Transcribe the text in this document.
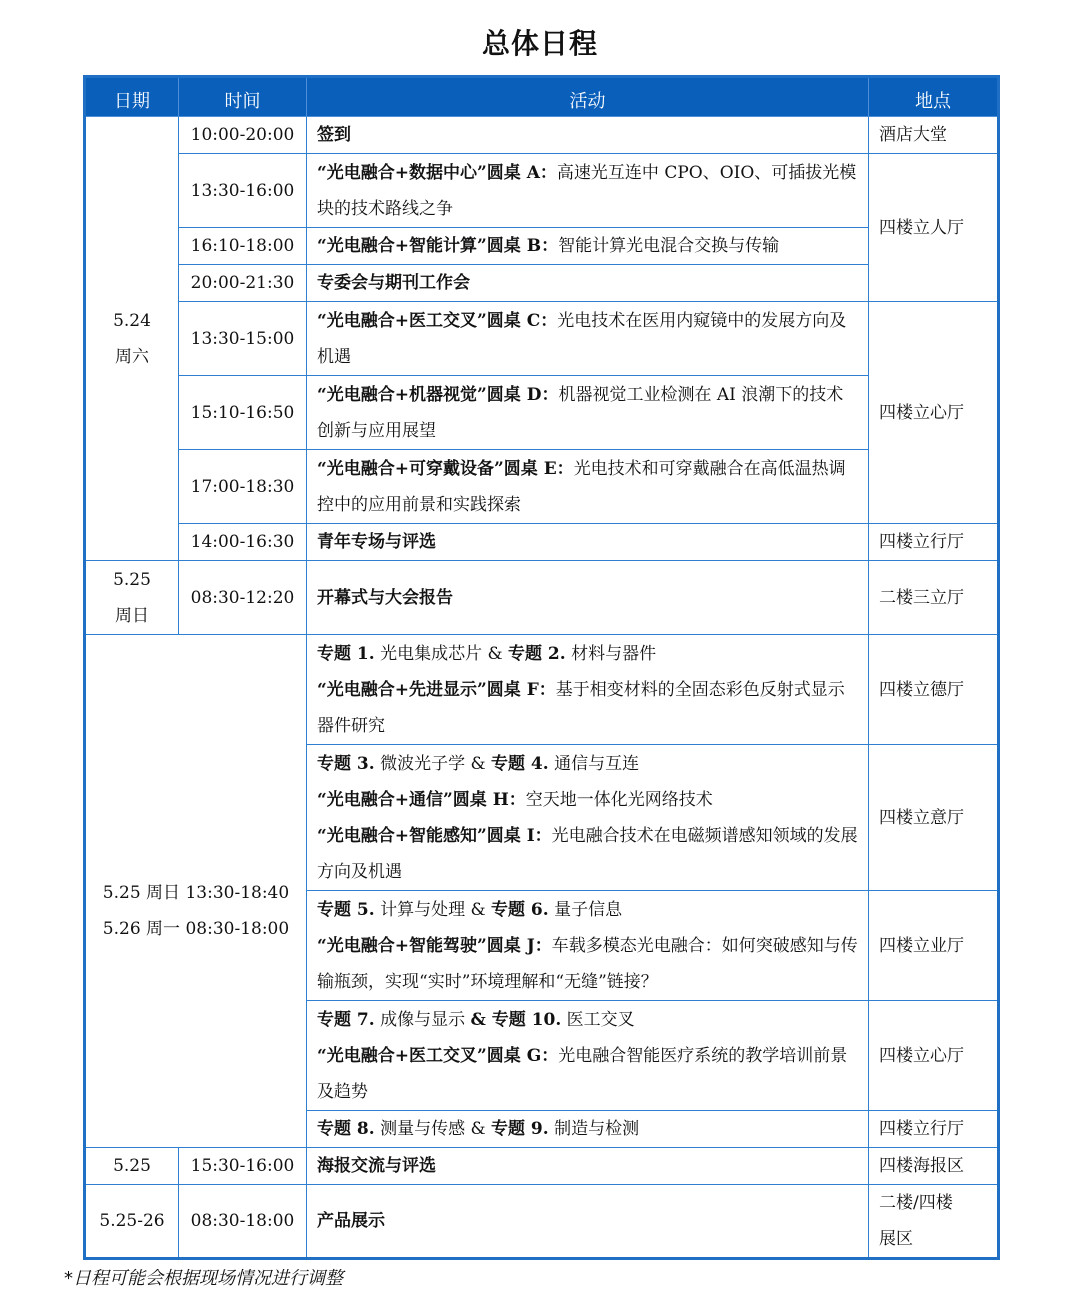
总体日程
日期	时间	活动	地点

5.24
周六	10:00-20:00	签到	酒店大堂
	13:30-16:00	“光电融合+数据中心”圆桌 A：高速光互连中 CPO、OIO、可插拔光模块的技术路线之争	四楼立人厅
	16:10-18:00	“光电融合+智能计算”圆桌 B：智能计算光电混合交换与传输	

	20:00-21:30	专委会与期刊工作会	
	13:30-15:00	“光电融合+医工交叉”圆桌 C：光电技术在医用内窥镜中的发展方向及机遇	四楼立心厅
	15:10-16:50	“光电融合+机器视觉”圆桌 D：机器视觉工业检测在 AI 浪潮下的技术创新与应用展望	
	17:00-18:30	“光电融合+可穿戴设备”圆桌 E：光电技术和可穿戴融合在高低温热调控中的应用前景和实践探索	
	14:00-16:30	青年专场与评选	四楼立行厅

5.25
周日	08:30-12:20	开幕式与大会报告	二楼三立厅

5.25 周日 13:30-18:40
5.26 周一 08:30-18:00		专题 1. 光电集成芯片 & 专题 2. 材料与器件
“光电融合+先进显示”圆桌 F：基于相变材料的全固态彩色反射式显示器件研究	四楼立德厅

		专题 3. 微波光子学 & 专题 4. 通信与互连
“光电融合+通信”圆桌 H：空天地一体化光网络技术
“光电融合+智能感知”圆桌 I：光电融合技术在电磁频谱感知领域的发展方向及机遇	四楼立意厅

		专题 5. 计算与处理 & 专题 6. 量子信息
“光电融合+智能驾驶”圆桌 J：车载多模态光电融合：如何突破感知与传输瓶颈，实现“实时”环境理解和“无缝”链接？	四楼立业厅

		专题 7. 成像与显示 & 专题 10. 医工交叉
“光电融合+医工交叉”圆桌 G：光电融合智能医疗系统的教学培训前景及趋势	四楼立心厅

		专题 8. 测量与传感 & 专题 9. 制造与检测	四楼立行厅
5.25	15:30-16:00	海报交流与评选	四楼海报区
5.25-26	08:30-18:00	产品展示	二楼/四楼
展区
*日程可能会根据现场情况进行调整
